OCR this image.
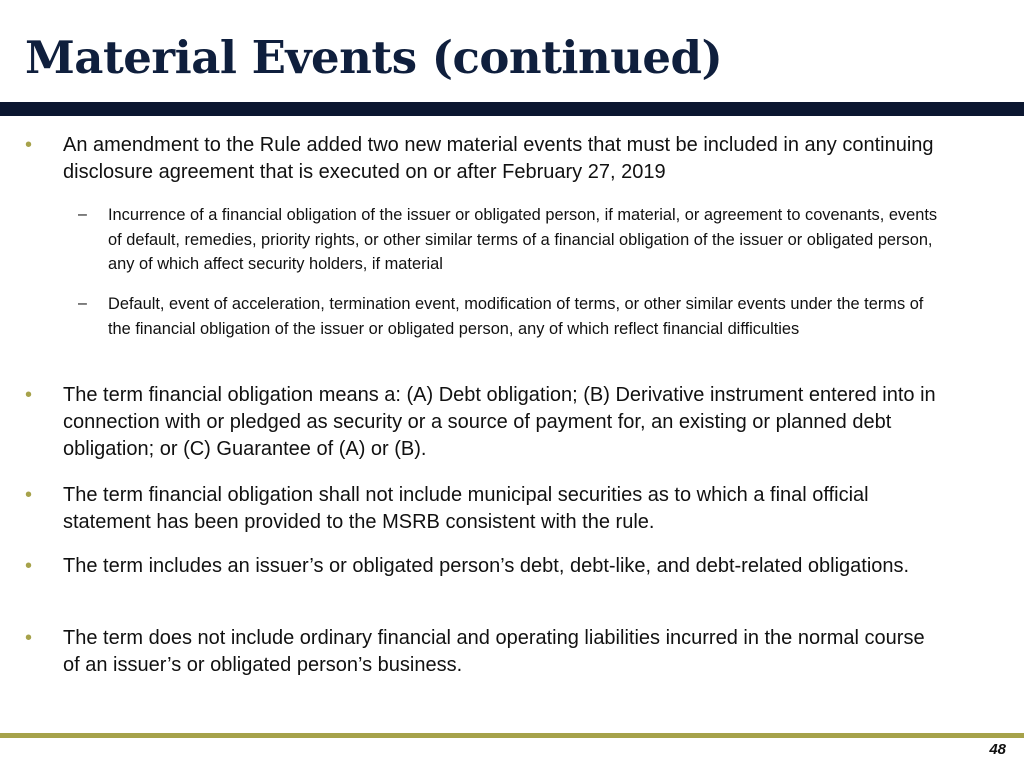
Material Events (continued)
• An amendment to the Rule added two new material events that must be included in any continuing disclosure agreement that is executed on or after February 27, 2019
– Incurrence of a financial obligation of the issuer or obligated person, if material, or agreement to covenants, events of default, remedies, priority rights, or other similar terms of a financial obligation of the issuer or obligated person, any of which affect security holders, if material
– Default, event of acceleration, termination event, modification of terms, or other similar events under the terms of the financial obligation of the issuer or obligated person, any of which reflect financial difficulties
• The term financial obligation means a: (A) Debt obligation; (B) Derivative instrument entered into in connection with or pledged as security or a source of payment for, an existing or planned debt obligation; or (C) Guarantee of (A) or (B).
• The term financial obligation shall not include municipal securities as to which a final official statement has been provided to the MSRB consistent with the rule.
• The term includes an issuer’s or obligated person’s debt, debt-like, and debt-related obligations.
• The term does not include ordinary financial and operating liabilities incurred in the normal course of an issuer’s or obligated person’s business.
48
